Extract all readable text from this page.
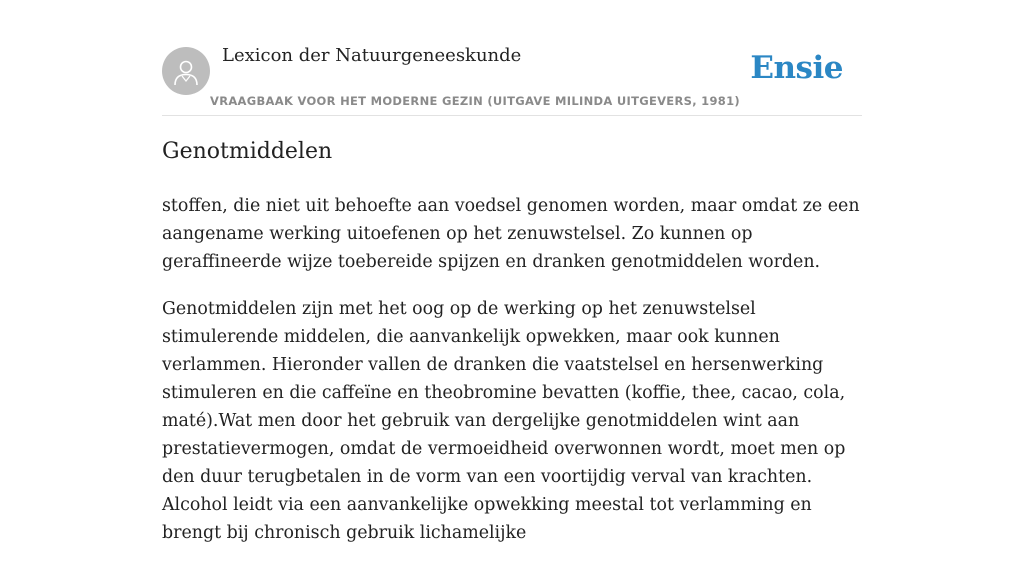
Lexicon der Natuurgeneeskunde
VRAAGBAAK VOOR HET MODERNE GEZIN (UITGAVE MILINDA UITGEVERS, 1981)
Ensie
Genotmiddelen

stoffen, die niet uit behoefte aan voedsel genomen worden, maar omdat ze een aangename werking uitoefenen op het zenuwstelsel. Zo kunnen op geraffineerde wijze toebereide spijzen en dranken genotmiddelen worden.

Genotmiddelen zijn met het oog op de werking op het zenuwstelsel stimulerende middelen, die aanvankelijk opwekken, maar ook kunnen verlammen. Hieronder vallen de dranken die vaatstelsel en hersenwerking stimuleren en die caffeïne en theobromine bevatten (koffie, thee, cacao, cola, maté).Wat men door het gebruik van dergelijke genotmiddelen wint aan prestatievermogen, omdat de vermoeidheid overwonnen wordt, moet men op den duur terugbetalen in de vorm van een voortijdig verval van krachten. Alcohol leidt via een aanvankelijke opwekking meestal tot verlamming en brengt bij chronisch gebruik lichamelijke
